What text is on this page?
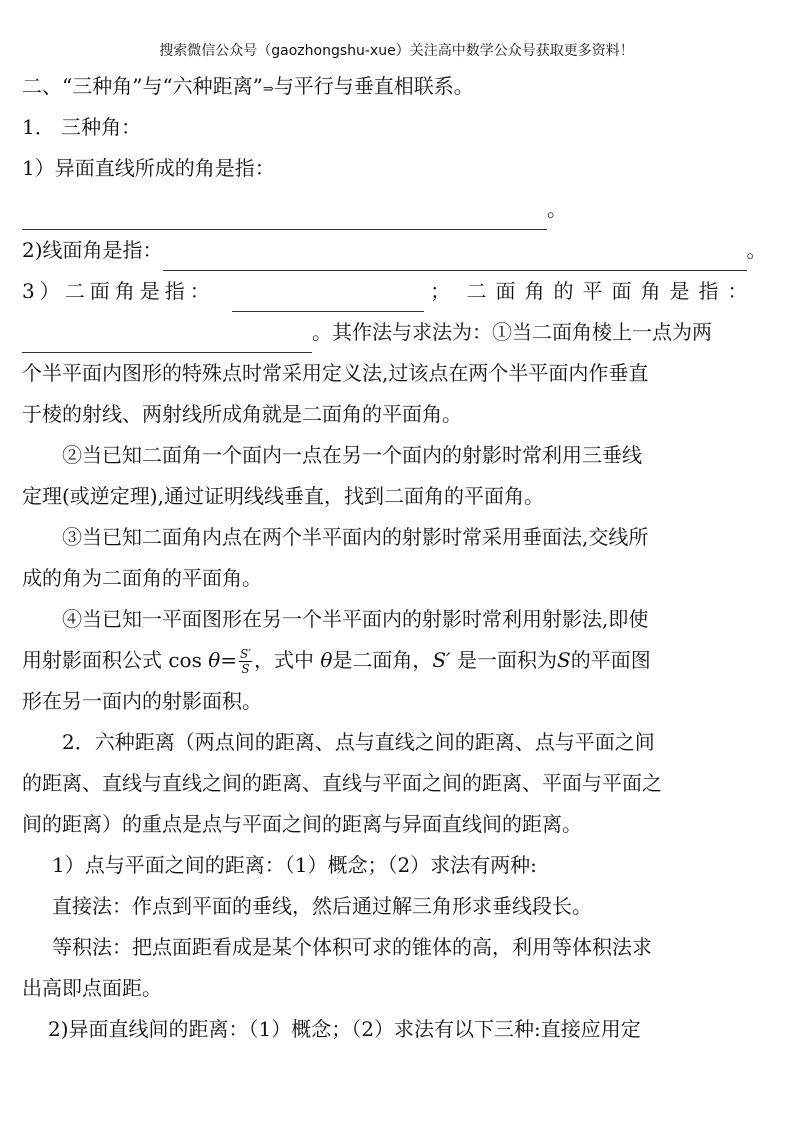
搜索微信公众号（gaozhongshu-xue）关注高中数学公众号获取更多资料！
二、“三种角”与“六种距离”⇒与平行与垂直相联系。
1． 三种角：
1）异面直线所成的角是指：
。
2)线面角是指：	。
3）二面角是指：	； 二面角的平面角是指：
。其作法与求法为：①当二面角棱上一点为两
个半平面内图形的特殊点时常采用定义法,过该点在两个半平面内作垂直
于棱的射线、两射线所成角就是二面角的平面角。
②当已知二面角一个面内一点在另一个面内的射影时常利用三垂线
定理(或逆定理),通过证明线线垂直，找到二面角的平面角。
③当已知二面角内点在两个半平面内的射影时常采用垂面法,交线所
成的角为二面角的平面角。
④当已知一平面图形在另一个半平面内的射影时常利用射影法,即使
用射影面积公式 $\cos \theta= \frac{S'}{S}$ ，式中 θ是二面角，S′ 是一面积为S的平面图
形在另一面内的射影面积。
2．六种距离（两点间的距离、点与直线之间的距离、点与平面之间
的距离、直线与直线之间的距离、直线与平面之间的距离、平面与平面之
间的距离）的重点是点与平面之间的距离与异面直线间的距离。
1）点与平面之间的距离：（1）概念；（2）求法有两种:
直接法：作点到平面的垂线，然后通过解三角形求垂线段长。
等积法：把点面距看成是某个体积可求的锥体的高，利用等体积法求
出高即点面距。
2)异面直线间的距离：（1）概念；（2）求法有以下三种:直接应用定
